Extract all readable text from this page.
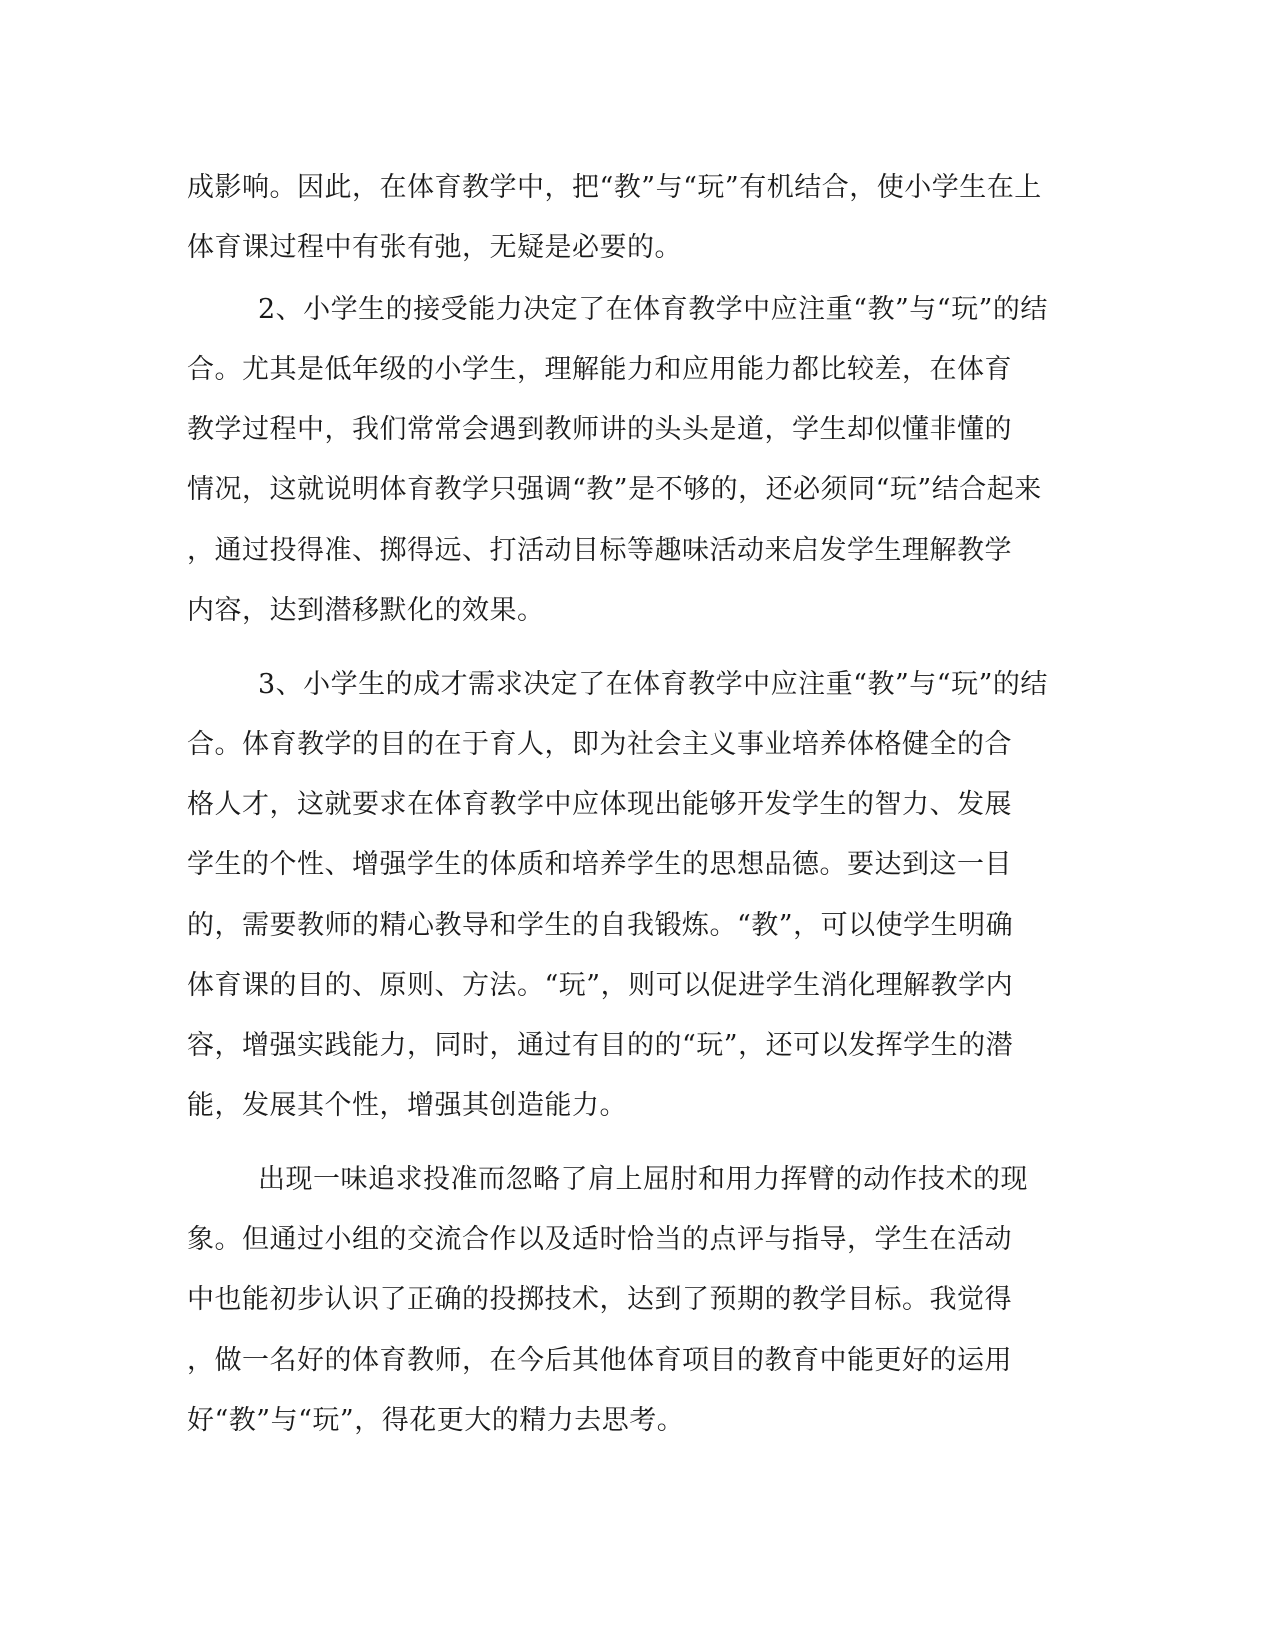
成影响。因此，在体育教学中，把“教”与“玩”有机结合，使小学生在上
体育课过程中有张有弛，无疑是必要的。
2、小学生的接受能力决定了在体育教学中应注重“教”与“玩”的结
合。尤其是低年级的小学生，理解能力和应用能力都比较差，在体育
教学过程中，我们常常会遇到教师讲的头头是道，学生却似懂非懂的
情况，这就说明体育教学只强调“教”是不够的，还必须同“玩”结合起来
，通过投得准、掷得远、打活动目标等趣味活动来启发学生理解教学
内容，达到潜移默化的效果。
3、小学生的成才需求决定了在体育教学中应注重“教”与“玩”的结
合。体育教学的目的在于育人，即为社会主义事业培养体格健全的合
格人才，这就要求在体育教学中应体现出能够开发学生的智力、发展
学生的个性、增强学生的体质和培养学生的思想品德。要达到这一目
的，需要教师的精心教导和学生的自我锻炼。“教”，可以使学生明确
体育课的目的、原则、方法。“玩”，则可以促进学生消化理解教学内
容，增强实践能力，同时，通过有目的的“玩”，还可以发挥学生的潜
能，发展其个性，增强其创造能力。
出现一味追求投准而忽略了肩上屈肘和用力挥臂的动作技术的现
象。但通过小组的交流合作以及适时恰当的点评与指导，学生在活动
中也能初步认识了正确的投掷技术，达到了预期的教学目标。我觉得
，做一名好的体育教师，在今后其他体育项目的教育中能更好的运用
好“教”与“玩”，得花更大的精力去思考。
